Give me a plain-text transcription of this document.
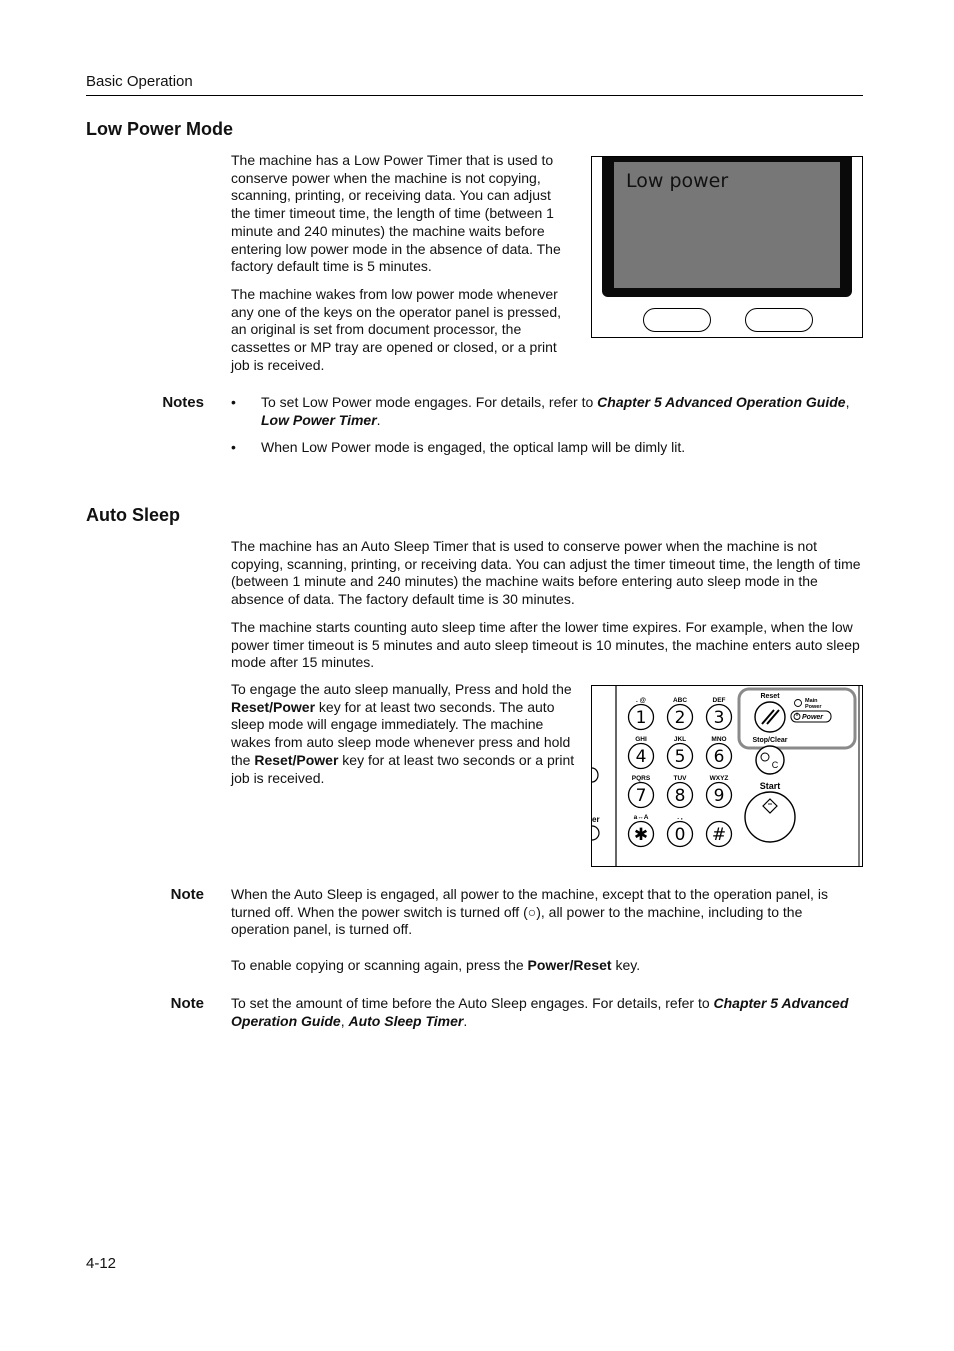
Basic Operation
Low Power Mode
The machine has a Low Power Timer that is used to conserve power when the machine is not copying, scanning, printing, or receiving data. You can adjust the timer timeout time, the length of time (between 1 minute and 240 minutes) the machine waits before entering low power mode in the absence of data. The factory default time is 5 minutes.
The machine wakes from low power mode whenever any one of the keys on the operator panel is pressed, an original is set from document processor, the cassettes or MP tray are opened or closed, or a print job is received.
Low power
Notes • To set Low Power mode engages. For details, refer to Chapter 5 Advanced Operation Guide, Low Power Timer.
• When Low Power mode is engaged, the optical lamp will be dimly lit.
Auto Sleep
The machine has an Auto Sleep Timer that is used to conserve power when the machine is not copying, scanning, printing, or receiving data. You can adjust the timer timeout time, the length of time (between 1 minute and 240 minutes) the machine waits before entering auto sleep mode in the absence of data. The factory default time is 30 minutes.
The machine starts counting auto sleep time after the lower time expires. For example, when the low power timer timeout is 5 minutes and auto sleep timeout is 10 minutes, the machine enters auto sleep mode after 15 minutes.
To engage the auto sleep manually, Press and hold the Reset/Power key for at least two seconds. The auto sleep mode will engage immediately. The machine wakes from auto sleep mode whenever press and hold the Reset/Power key for at least two seconds or a print job is received.
er
. @	ABC	DEF
GHI	JKL	MNO
PQRS	TUV	WXYZ
a↔A	. ,
1 2 3
4 5 6
7 8 9
✱ 0 #
Reset
Stop/Clear
Main
Power
Power
C
Start
Note When the Auto Sleep is engaged, all power to the machine, except that to the operation panel, is turned off. When the power switch is turned off (○), all power to the machine, including to the operation panel, is turned off.
To enable copying or scanning again, press the Power/Reset key.
Note To set the amount of time before the Auto Sleep engages. For details, refer to Chapter 5 Advanced Operation Guide, Auto Sleep Timer.
4-12
